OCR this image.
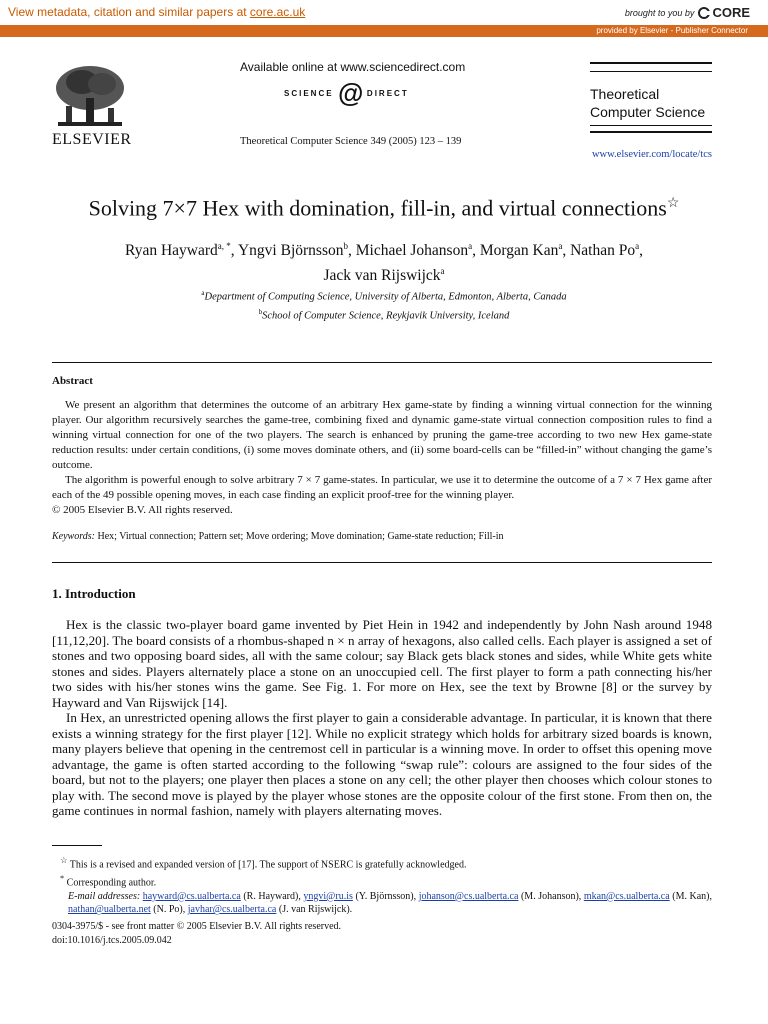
View metadata, citation and similar papers at core.ac.uk	brought to you by CORE
provided by Elsevier - Publisher Connector
ELSEVIER
Available online at www.sciencedirect.com
SCIENCE @ DIRECT
Theoretical Computer Science 349 (2005) 123 – 139
Theoretical
Computer Science
www.elsevier.com/locate/tcs
Solving 7×7 Hex with domination, fill-in, and virtual connections☆
Ryan Hayward$^{a, *}$, Yngvi Björnsson$^b$, Michael Johanson$^a$, Morgan Kan$^a$, Nathan Po$^a$,
Jack van Rijswijck$^a$
$^a$Department of Computing Science, University of Alberta, Edmonton, Alberta, Canada
$^b$School of Computer Science, Reykjavik University, Iceland
Abstract

We present an algorithm that determines the outcome of an arbitrary Hex game-state by finding a winning virtual connection for the winning player. Our algorithm recursively searches the game-tree, combining fixed and dynamic game-state virtual connection composition rules to find a winning virtual connection for one of the two players. The search is enhanced by pruning the game-tree according to two new Hex game-state reduction results: under certain conditions, (i) some moves dominate others, and (ii) some board-cells can be “filled-in” without changing the game’s outcome.

The algorithm is powerful enough to solve arbitrary 7 × 7 game-states. In particular, we use it to determine the outcome of a 7 × 7 Hex game after each of the 49 possible opening moves, in each case finding an explicit proof-tree for the winning player.

© 2005 Elsevier B.V. All rights reserved.

Keywords: Hex; Virtual connection; Pattern set; Move ordering; Move domination; Game-state reduction; Fill-in
1. Introduction

Hex is the classic two-player board game invented by Piet Hein in 1942 and independently by John Nash around 1948 [11,12,20]. The board consists of a rhombus-shaped n × n array of hexagons, also called cells. Each player is assigned a set of stones and two opposing board sides, all with the same colour; say Black gets black stones and sides, while White gets white stones and sides. Players alternately place a stone on an unoccupied cell. The first player to form a path connecting his/her two sides with his/her stones wins the game. See Fig. 1. For more on Hex, see the text by Browne [8] or the survey by Hayward and Van Rijswijck [14].

In Hex, an unrestricted opening allows the first player to gain a considerable advantage. In particular, it is known that there exists a winning strategy for the first player [12]. While no explicit strategy which holds for arbitrary sized boards is known, many players believe that opening in the centremost cell in particular is a winning move. In order to offset this opening move advantage, the game is often started according to the following “swap rule”: colours are assigned to the four sides of the board, but not to the players; one player then places a stone on any cell; the other player then chooses which colour stones to play with. The second move is played by the player whose stones are the opposite colour of the first stone. From then on, the game continues in normal fashion, namely with players alternating moves.

☆ This is a revised and expanded version of [17]. The support of NSERC is gratefully acknowledged.
* Corresponding author.
E-mail addresses: hayward@cs.ualberta.ca (R. Hayward), yngvi@ru.is (Y. Björnsson), johanson@cs.ualberta.ca (M. Johanson), mkan@cs.ualberta.ca (M. Kan), nathan@ualberta.net (N. Po), javhar@cs.ualberta.ca (J. van Rijswijck).
0304-3975/$ - see front matter © 2005 Elsevier B.V. All rights reserved.
doi:10.1016/j.tcs.2005.09.042
